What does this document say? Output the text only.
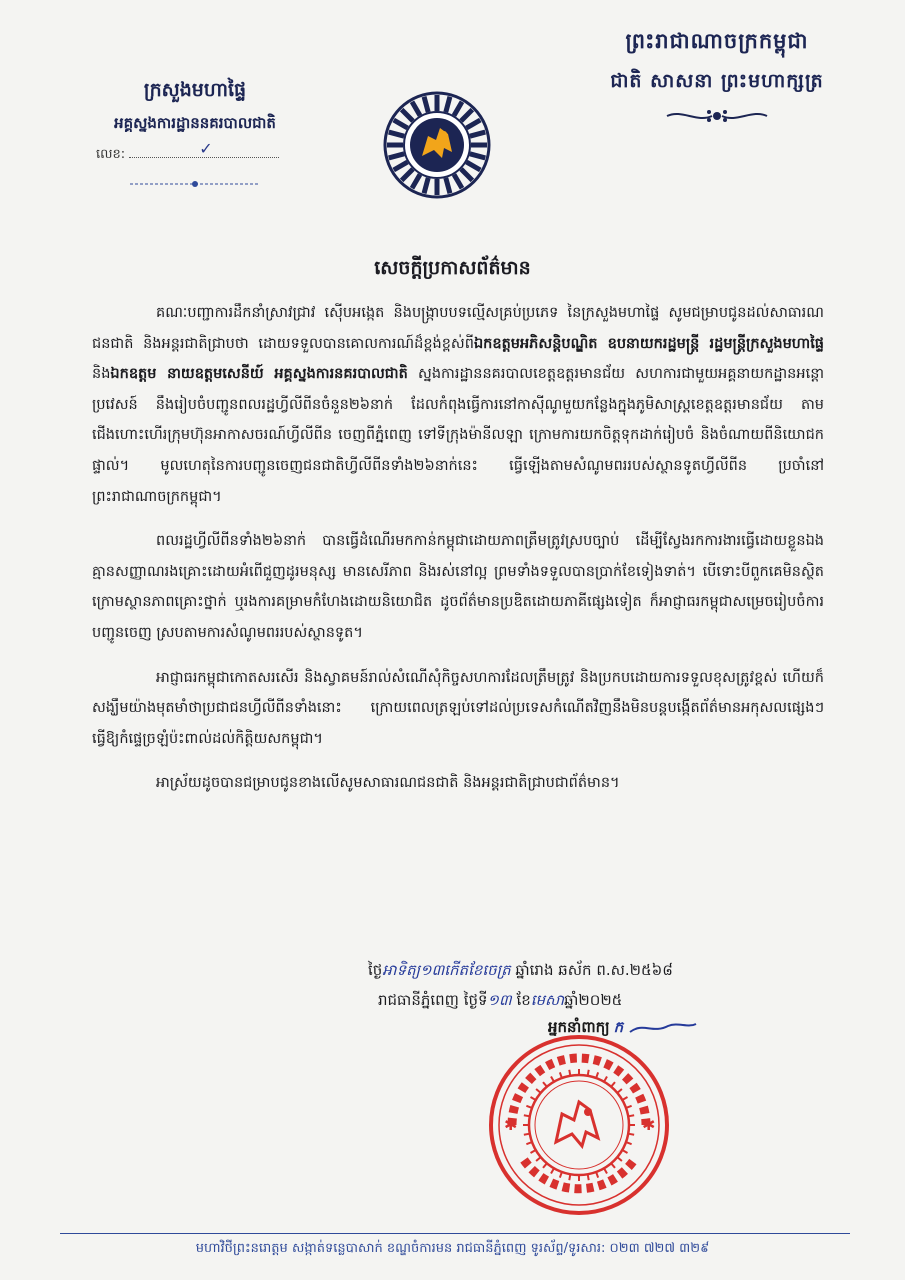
ព្រះរាជាណាចក្រកម្ពុជា
ជាតិ សាសនា ព្រះមហាក្សត្រ
ក្រសួងមហាផ្ទៃ
អគ្គស្នងការដ្ឋាននគរបាលជាតិ
លេខ:	✓
សេចក្តីប្រកាសព័ត៌មាន

គណៈបញ្ជាការដឹកនាំស្រាវជ្រាវ ស៊ើបអង្កេត និងបង្ក្រាបបទល្មើសគ្រប់ប្រភេទ នៃក្រសួងមហាផ្ទៃ សូមជម្រាបជូនដល់សាធារណជនជាតិ និងអន្តរជាតិជ្រាបថា ដោយទទួលបានគោលការណ៍ដ៏ខ្ពង់ខ្ពស់ពីឯកឧត្តមអភិសន្តិបណ្ឌិត ឧបនាយករដ្ឋមន្ត្រី រដ្ឋមន្ត្រីក្រសួងមហាផ្ទៃ និងឯកឧត្តម នាយឧត្តមសេនីយ៍ អគ្គស្នងការនគរបាលជាតិ ស្នងការដ្ឋាននគរបាលខេត្តឧត្តរមានជ័យ សហការជាមួយអគ្គនាយកដ្ឋានអន្តោប្រវេសន៍ នឹងរៀបចំបញ្ជូនពលរដ្ឋហ្វីលីពីនចំនួន២៦នាក់ ដែលកំពុងធ្វើការនៅកាស៊ីណូមួយកន្លែងក្នុងភូមិសាស្ត្រខេត្តឧត្តរមានជ័យ តាមជើងហោះហើរក្រុមហ៊ុនអាកាសចរណ៍ហ្វីលីពីន ចេញពីភ្នំពេញ ទៅទីក្រុងម៉ានីលឡា ក្រោមការយកចិត្តទុកដាក់រៀបចំ និងចំណាយពីនិយោជកផ្ទាល់។ មូលហេតុនៃការបញ្ជូនចេញជនជាតិហ្វីលីពីនទាំង២៦នាក់នេះ ធ្វើឡើងតាមសំណូមពររបស់ស្ថានទូតហ្វីលីពីន ប្រចាំនៅព្រះរាជាណាចក្រកម្ពុជា។

ពលរដ្ឋហ្វីលីពីនទាំង២៦នាក់ បានធ្វើដំណើរមកកាន់កម្ពុជាដោយភាពត្រឹមត្រូវស្របច្បាប់ ដើម្បីស្វែងរកការងារធ្វើដោយខ្លួនឯង គ្មានសញ្ញាណរងគ្រោះដោយអំពើជួញដូរមនុស្ស មានសេរីភាព និងរស់នៅល្អ ព្រមទាំងទទួលបានប្រាក់ខែទៀងទាត់។ បើទោះបីពួកគេមិនស្ថិតក្រោមស្ថានភាពគ្រោះថ្នាក់ ឬរងការគម្រាមកំហែងដោយនិយោជិត ដូចព័ត៌មានប្រឌិតដោយភាគីផ្សេងទៀត ក៏អាជ្ញាធរកម្ពុជាសម្រេចរៀបចំការបញ្ជូនចេញ ស្របតាមការសំណូមពររបស់ស្ថានទូត។

អាជ្ញាធរកម្ពុជាកោតសរសើរ និងស្វាគមន៍រាល់សំណើសុំកិច្ចសហការដែលត្រឹមត្រូវ និងប្រកបដោយការទទួលខុសត្រូវខ្ពស់ ហើយក៏សង្ឃឹមយ៉ាងមុតមាំថាប្រជាជនហ្វីលីពីនទាំងនោះ ក្រោយពេលត្រឡប់ទៅដល់ប្រទេសកំណើតវិញនឹងមិនបន្តបង្កើតព័ត៌មានអកុសលផ្សេងៗ ធ្វើឱ្យកំផ្ទេច្រឡំប៉ះពាល់ដល់កិត្តិយសកម្ពុជា។

អាស្រ័យដូចបានជម្រាបជូនខាងលើសូមសាធារណជនជាតិ និងអន្តរជាតិជ្រាបជាព័ត៌មាន។

ថ្ងៃអាទិត្យ១៣កើតខែចេត្រ ឆ្នាំរោង ឆស័ក ព.ស.២៥៦៨
រាជធានីភ្នំពេញ ថ្ងៃទី១៣ ខែមេសាឆ្នាំ២០២៥
✱	✱
អ្នកនាំពាក្យ ក
មហាវិថីព្រះនរោត្តម សង្កាត់ទន្លេបាសាក់ ខណ្ឌចំការមន រាជធានីភ្នំពេញ ទូរស័ព្ទ/ទូរសារ: ០២៣ ៧២៧ ៣២៩
